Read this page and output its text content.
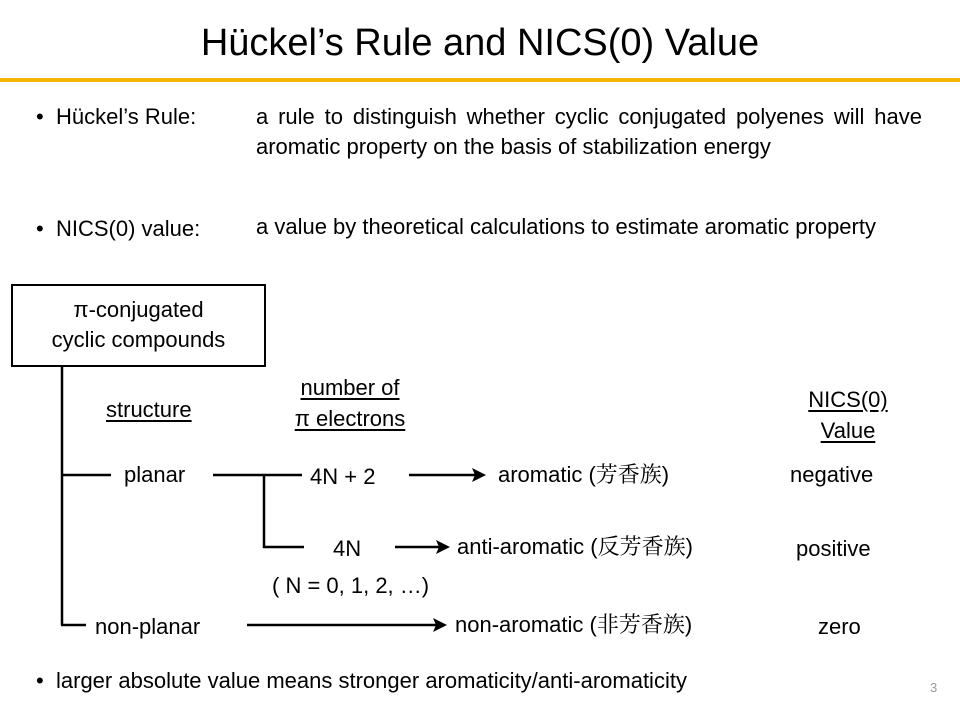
Hückel’s Rule and NICS(0) Value
• Hückel’s Rule:	a rule to distinguish whether cyclic conjugated polyenes will have aromatic property on the basis of stabilization energy
• NICS(0) value:	a value by theoretical calculations to estimate aromatic property
π-conjugated
cyclic compounds
structure
number of
π electrons
NICS(0)
Value
planar	4N + 2	aromatic (芳香族)	negative
4N	anti-aromatic (反芳香族)	positive
( N = 0, 1, 2, …)
non-planar	non-aromatic (非芳香族)	zero
• larger absolute value means stronger aromaticity/anti-aromaticity	3
